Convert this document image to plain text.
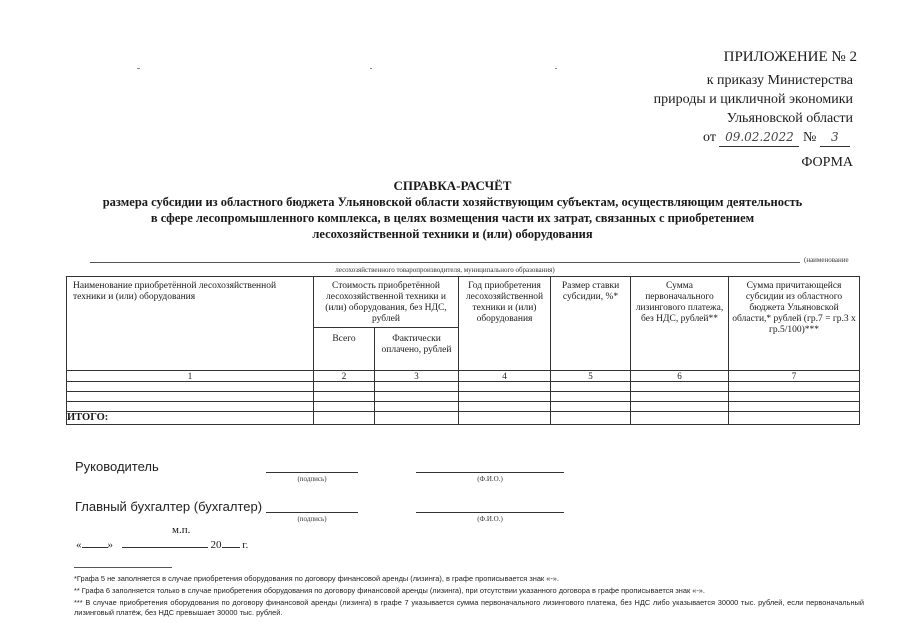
ПРИЛОЖЕНИЕ № 2
к приказу Министерства
природы и цикличной экономики
Ульяновской области
от 09.02.2022 № 3
ФОРМА
СПРАВКА-РАСЧЁТ
размера субсидии из областного бюджета Ульяновской области хозяйствующим субъектам, осуществляющим деятельность
в сфере лесопромышленного комплекса, в целях возмещения части их затрат, связанных с приобретением
лесохозяйственной техники и (или) оборудования
(наименование
лесохозяйственного товаропроизводителя, муниципального образования)
Наименование приобретённой лесохозяйственной техники и (или) оборудования	Стоимость приобретённой лесохозяйственной техники и (или) оборудования, без НДС, рублей		Год приобретения лесохозяйственной техники и (или) оборудования	Размер ставки субсидии, %*	Сумма первоначального лизингового платежа, без НДС, рублей**	Сумма причитающейся субсидии из областного бюджета Ульяновской области,* рублей (гр.7 = гр.3 x гр.5/100)***
	Всего	Фактически оплачено, рублей				
1	2	3	4	5	6	7

ИТОГО:						
Руководитель
(подпись)	(Ф.И.О.)
Главный бухгалтер (бухгалтер)
(подпись)	(Ф.И.О.)
м.п.
« »	20 г.
*Графа 5 не заполняется в случае приобретения оборудования по договору финансовой аренды (лизинга), в графе прописывается знак «-».
** Графа 6 заполняется только в случае приобретения оборудования по договору финансовой аренды (лизинга), при отсутствии указанного договора в графе прописывается знак «-».
*** В случае приобретения оборудования по договору финансовой аренды (лизинга) в графе 7 указывается сумма первоначального лизингового платежа, без НДС либо указывается 30000 тыс. рублей, если первоначальный лизинговый платёж, без НДС превышает 30000 тыс. рублей.
